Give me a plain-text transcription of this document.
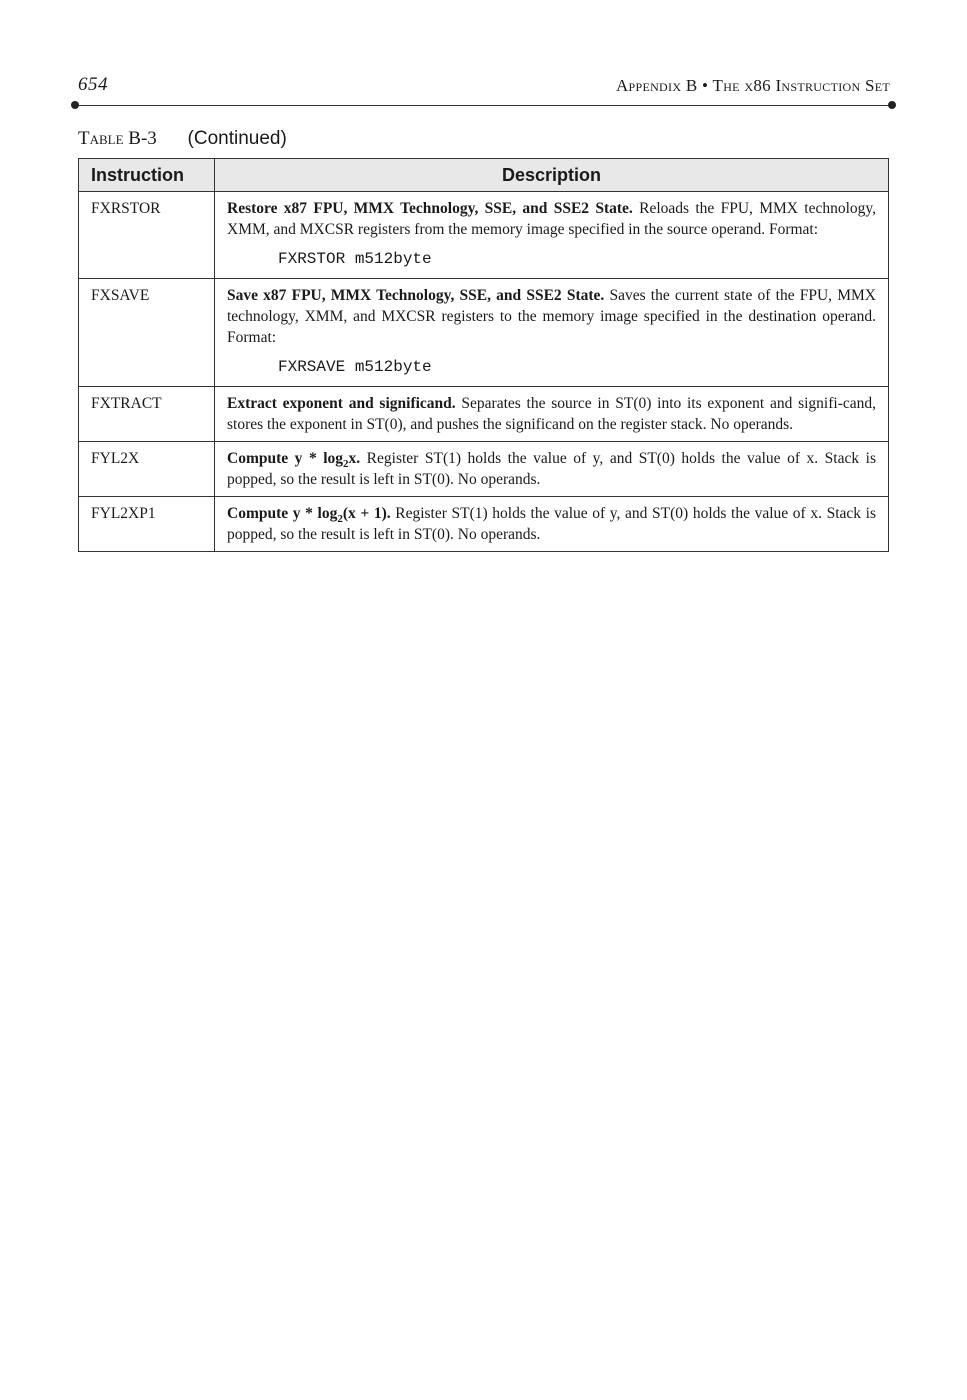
654	Appendix B • The x86 Instruction Set
Table B-3 (Continued)
Instruction	Description
FXRSTOR	Restore x87 FPU, MMX Technology, SSE, and SSE2 State. Reloads the FPU, MMX technology, XMM, and MXCSR registers from the memory image specified in the source operand. Format:
FXRSTOR m512byte

FXSAVE	Save x87 FPU, MMX Technology, SSE, and SSE2 State. Saves the current state of the FPU, MMX technology, XMM, and MXCSR registers to the memory image specified in the destination operand. Format:
FXRSAVE m512byte

FXTRACT	Extract exponent and significand. Separates the source in ST(0) into its exponent and signifi-cand, stores the exponent in ST(0), and pushes the significand on the register stack. No operands.
FYL2X	Compute y * $\log_2x$. Register ST(1) holds the value of y, and ST(0) holds the value of x. Stack is popped, so the result is left in ST(0). No operands.
FYL2XP1	Compute $y * \log_2(x + 1)$. Register ST(1) holds the value of y, and ST(0) holds the value of x. Stack is popped, so the result is left in ST(0). No operands.
